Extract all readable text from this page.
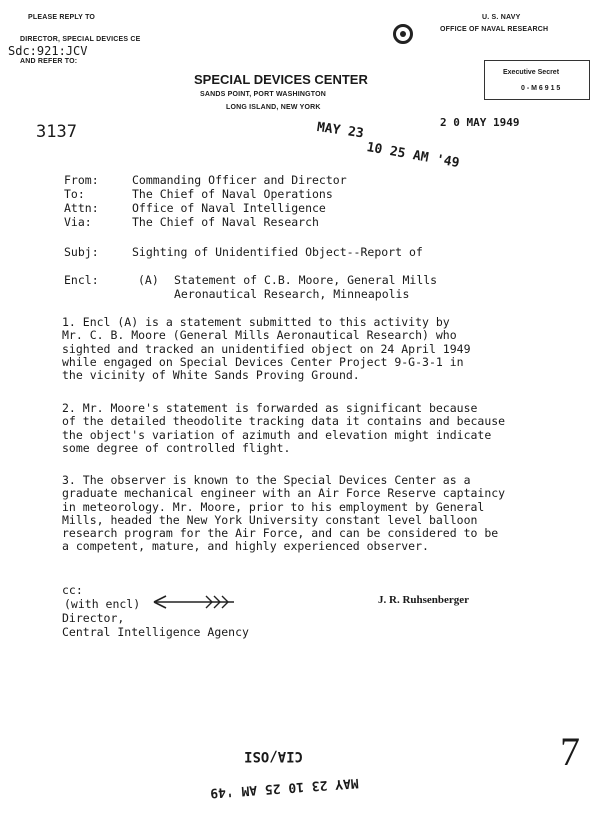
PLEASE REPLY TO
DIRECTOR, SPECIAL DEVICES CE
Sdc:921:JCV
AND REFER TO:
U. S. NAVY
OFFICE OF NAVAL RESEARCH
SPECIAL DEVICES CENTER
SANDS POINT, PORT WASHINGTON
LONG ISLAND, NEW YORK
2 0 MAY 1949
Executive Secret
0 - M 6 9 1 5
MAY 23
10 25 AM '49
3137
From:	Commanding Officer and Director
To:	The Chief of Naval Operations
Attn:	Office of Naval Intelligence
Via:	The Chief of Naval Research
Subj:	Sighting of Unidentified Object--Report of
Encl:	(A) Statement of C.B. Moore, General Mills
Aeronautical Research, Minneapolis
1. Encl (A) is a statement submitted to this activity by
Mr. C. B. Moore (General Mills Aeronautical Research) who
sighted and tracked an unidentified object on 24 April 1949
while engaged on Special Devices Center Project 9-G-3-1 in
the vicinity of White Sands Proving Ground.
2. Mr. Moore's statement is forwarded as significant because
of the detailed theodolite tracking data it contains and because
the object's variation of azimuth and elevation might indicate
some degree of controlled flight.
3. The observer is known to the Special Devices Center as a
graduate mechanical engineer with an Air Force Reserve captaincy
in meteorology. Mr. Moore, prior to his employment by General
Mills, headed the New York University constant level balloon
research program for the Air Force, and can be considered to be
a competent, mature, and highly experienced observer.
cc:
(with encl)
Director,
Central Intelligence Agency
J. R. Ruhsenberger
7
CIA/OSI
MAY 23 10 25 AM '49
